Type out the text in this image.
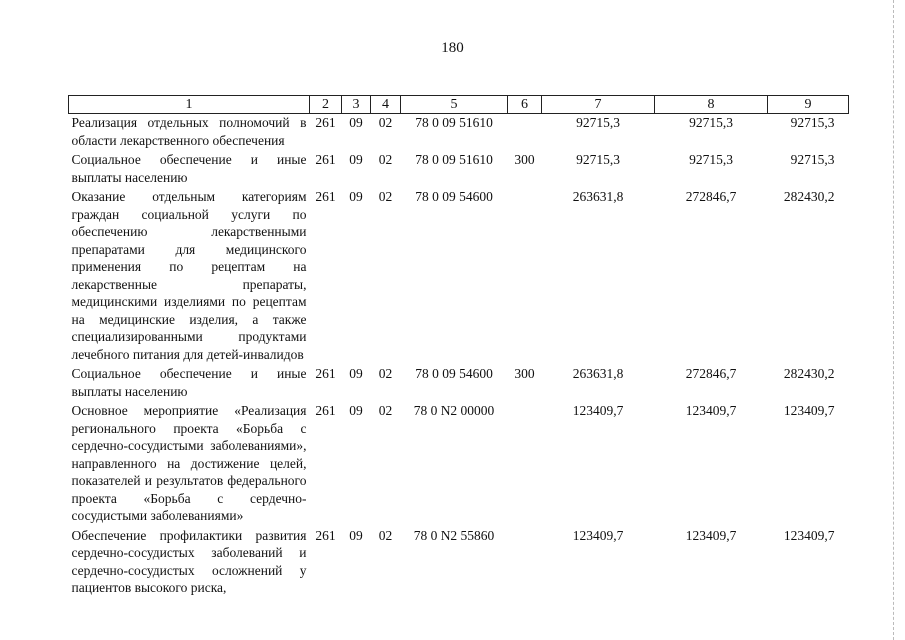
180
1	2	3	4	5	6	7	8	9
Реализация отдельных полномочий в области лекарственного обеспечения	261	09	02	78 0 09 51610		92715,3	92715,3	92715,3
Социальное обеспечение и иные выплаты населению	261	09	02	78 0 09 51610	300	92715,3	92715,3	92715,3
Оказание отдельным категориям граждан социальной услуги по обеспечению лекарственными препаратами для медицинского применения по рецептам на лекарственные препараты, медицинскими изделиями по рецептам на медицинские изделия, а также специализированными продуктами лечебного питания для детей-инвалидов	261	09	02	78 0 09 54600		263631,8	272846,7	282430,2
Социальное обеспечение и иные выплаты населению	261	09	02	78 0 09 54600	300	263631,8	272846,7	282430,2
Основное мероприятие «Реализация регионального проекта «Борьба с сердечно-сосудистыми заболеваниями», направленного на достижение целей, показателей и результатов федерального проекта «Борьба с сердечно-сосудистыми заболеваниями»	261	09	02	78 0 N2 00000		123409,7	123409,7	123409,7
Обеспечение профилактики развития сердечно-сосудистых заболеваний и сердечно-сосудистых осложнений у пациентов высокого риска,	261	09	02	78 0 N2 55860		123409,7	123409,7	123409,7
